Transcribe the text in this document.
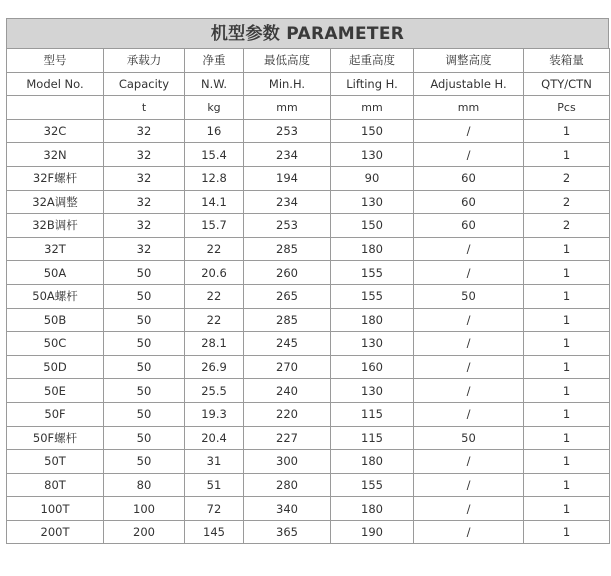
机型参数 PARAMETER
型号	承载力	净重	最低高度	起重高度	调整高度	装箱量
Model No.	Capacity	N.W.	Min.H.	Lifting H.	Adjustable H.	QTY/CTN
	t	kg	mm	mm	mm	Pcs
32C	32	16	253	150	/	1
32N	32	15.4	234	130	/	1
32F螺杆	32	12.8	194	90	60	2
32A调整	32	14.1	234	130	60	2
32B调杆	32	15.7	253	150	60	2
32T	32	22	285	180	/	1
50A	50	20.6	260	155	/	1
50A螺杆	50	22	265	155	50	1
50B	50	22	285	180	/	1
50C	50	28.1	245	130	/	1
50D	50	26.9	270	160	/	1
50E	50	25.5	240	130	/	1
50F	50	19.3	220	115	/	1
50F螺杆	50	20.4	227	115	50	1
50T	50	31	300	180	/	1
80T	80	51	280	155	/	1
100T	100	72	340	180	/	1
200T	200	145	365	190	/	1
